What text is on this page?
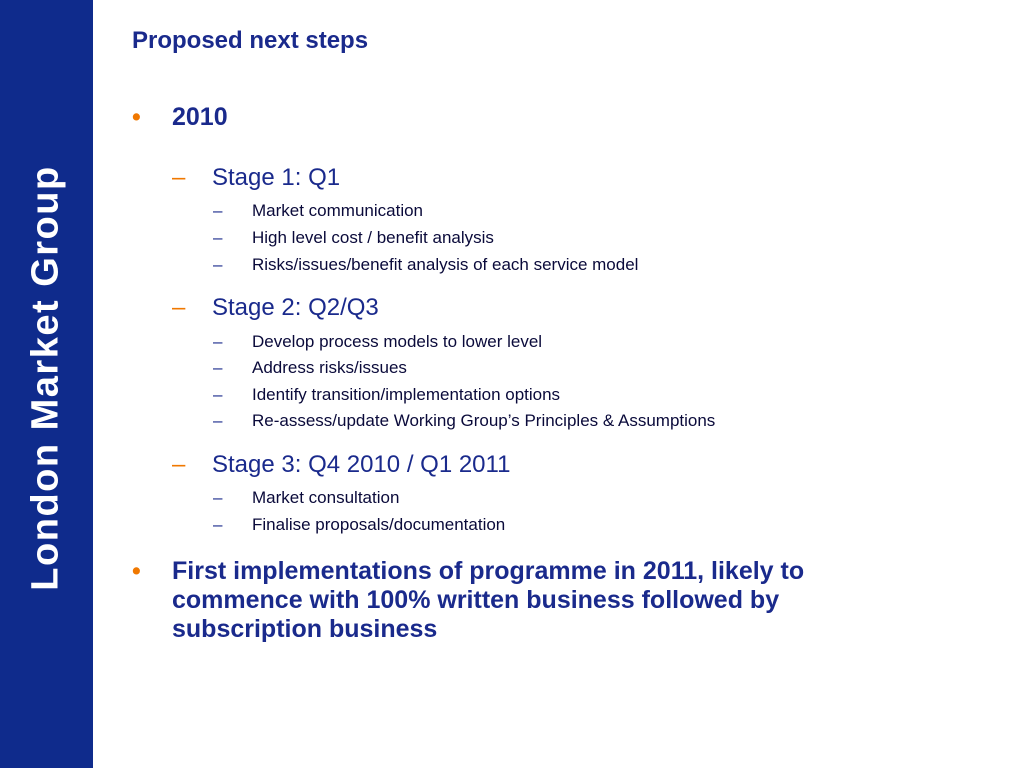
London Market Group
Proposed next steps
• 2010
– Stage 1: Q1
– Market communication
– High level cost / benefit analysis
– Risks/issues/benefit analysis of each service model
– Stage 2: Q2/Q3
– Develop process models to lower level
– Address risks/issues
– Identify transition/implementation options
– Re-assess/update Working Group’s Principles & Assumptions
– Stage 3: Q4 2010 / Q1 2011
– Market consultation
– Finalise proposals/documentation
• First implementations of programme in 2011, likely to commence with 100% written business followed by subscription business
